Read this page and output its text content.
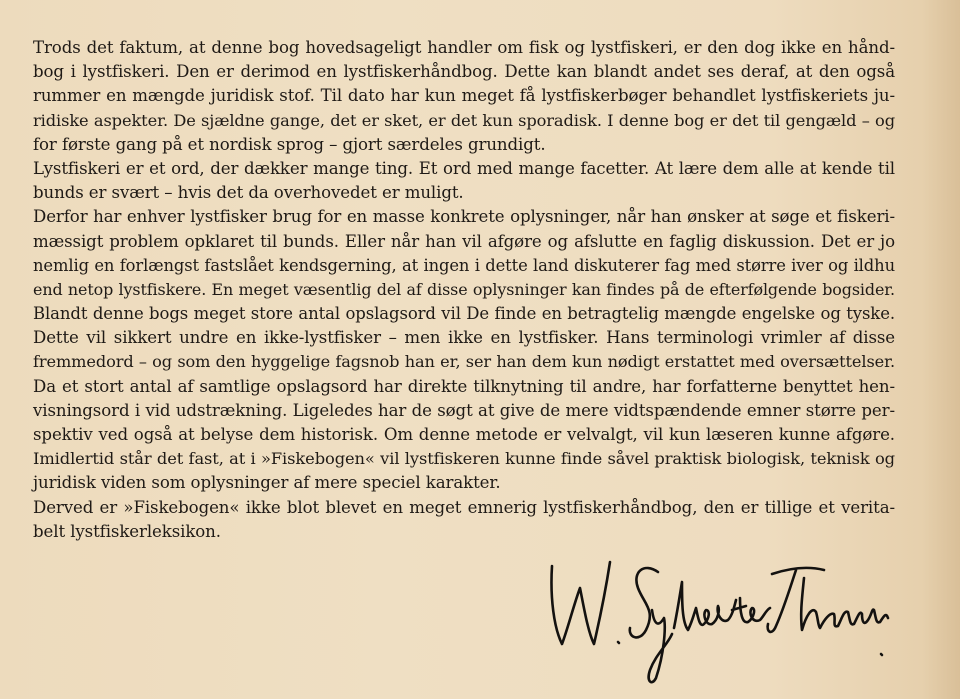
Trods det faktum, at denne bog hovedsageligt handler om fisk og lystfiskeri, er den dog ikke en hånd-
bog i lystfiskeri. Den er derimod en lystfiskerhåndbog. Dette kan blandt andet ses deraf, at den også
rummer en mængde juridisk stof. Til dato har kun meget få lystfiskerbøger behandlet lystfiskeriets ju-
ridiske aspekter. De sjældne gange, det er sket, er det kun sporadisk. I denne bog er det til gengæld – og
for første gang på et nordisk sprog – gjort særdeles grundigt.
Lystfiskeri er et ord, der dækker mange ting. Et ord med mange facetter. At lære dem alle at kende til
bunds er svært – hvis det da overhovedet er muligt.
Derfor har enhver lystfisker brug for en masse konkrete oplysninger, når han ønsker at søge et fiskeri-
mæssigt problem opklaret til bunds. Eller når han vil afgøre og afslutte en faglig diskussion. Det er jo
nemlig en forlængst fastslået kendsgerning, at ingen i dette land diskuterer fag med større iver og ildhu
end netop lystfiskere. En meget væsentlig del af disse oplysninger kan findes på de efterfølgende bogsider.
Blandt denne bogs meget store antal opslagsord vil De finde en betragtelig mængde engelske og tyske.
Dette vil sikkert undre en ikke-lystfisker – men ikke en lystfisker. Hans terminologi vrimler af disse
fremmedord – og som den hyggelige fagsnob han er, ser han dem kun nødigt erstattet med oversættelser.
Da et stort antal af samtlige opslagsord har direkte tilknytning til andre, har forfatterne benyttet hen-
visningsord i vid udstrækning. Ligeledes har de søgt at give de mere vidtspændende emner større per-
spektiv ved også at belyse dem historisk. Om denne metode er velvalgt, vil kun læseren kunne afgøre.
Imidlertid står det fast, at i »Fiskebogen« vil lystfiskeren kunne finde såvel praktisk biologisk, teknisk og
juridisk viden som oplysninger af mere speciel karakter.
Derved er »Fiskebogen« ikke blot blevet en meget emnerig lystfiskerhåndbog, den er tillige et verita-
belt lystfiskerleksikon.
